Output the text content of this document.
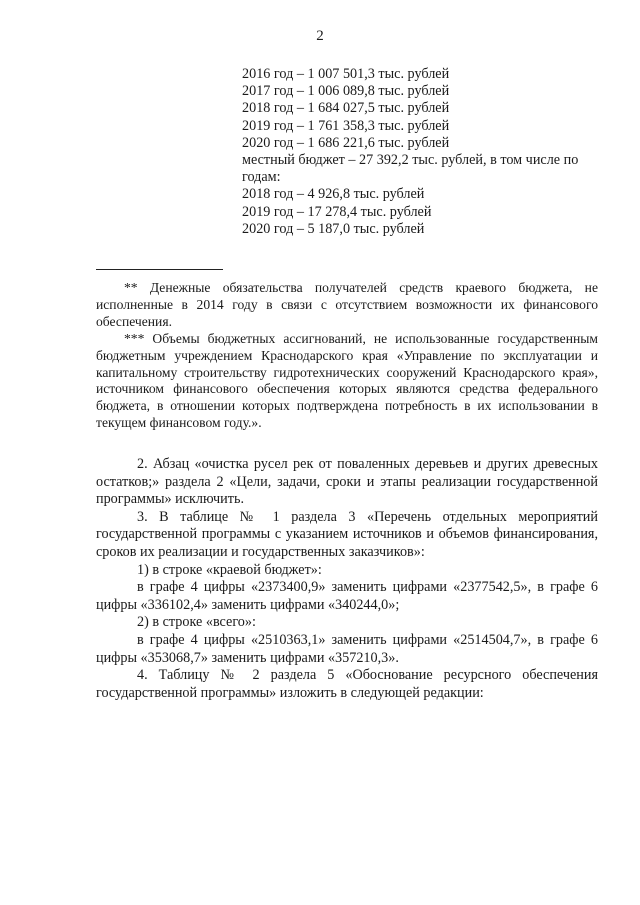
2
2016 год – 1 007 501,3 тыс. рублей
2017 год – 1 006 089,8 тыс. рублей
2018 год – 1 684 027,5 тыс. рублей
2019 год – 1 761 358,3 тыс. рублей
2020 год – 1 686 221,6 тыс. рублей
местный бюджет – 27 392,2 тыс. рублей, в том числе по годам:
2018 год – 4 926,8 тыс. рублей
2019 год – 17 278,4 тыс. рублей
2020 год – 5 187,0 тыс. рублей

** Денежные обязательства получателей средств краевого бюджета, не исполненные в 2014 году в связи с отсутствием возможности их финансового обеспечения.

*** Объемы бюджетных ассигнований, не использованные государственным бюджетным учреждением Краснодарского края «Управление по эксплуатации и капитальному строительству гидротехнических сооружений Краснодарского края», источником финансового обеспечения которых являются средства федерального бюджета, в отношении которых подтверждена потребность в их использовании в текущем финансовом году.».

2. Абзац «очистка русел рек от поваленных деревьев и других древесных остатков;» раздела 2 «Цели, задачи, сроки и этапы реализации государственной программы» исключить.

3. В таблице № 1 раздела 3 «Перечень отдельных мероприятий государственной программы с указанием источников и объемов финансирования, сроков их реализации и государственных заказчиков»:

1) в строке «краевой бюджет»:

в графе 4 цифры «2373400,9» заменить цифрами «2377542,5», в графе 6 цифры «336102,4» заменить цифрами «340244,0»;

2) в строке «всего»:

в графе 4 цифры «2510363,1» заменить цифрами «2514504,7», в графе 6 цифры «353068,7» заменить цифрами «357210,3».

4. Таблицу № 2 раздела 5 «Обоснование ресурсного обеспечения государственной программы» изложить в следующей редакции:
